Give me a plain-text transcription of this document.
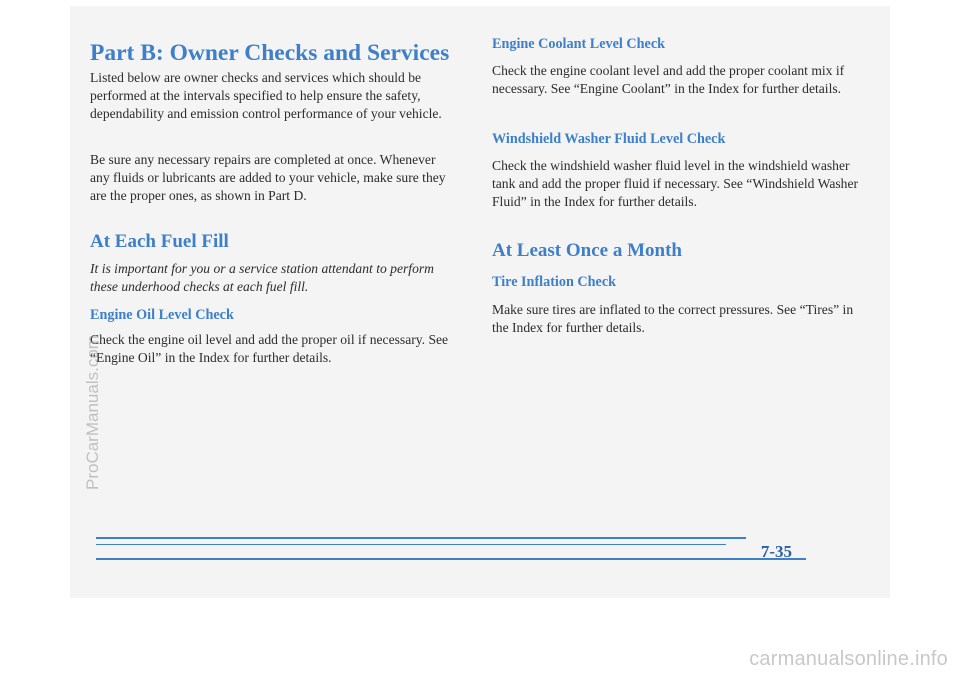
Part B: Owner Checks and Services

Listed below are owner checks and services which should be performed at the intervals specified to help ensure the safety, dependability and emission control performance of your vehicle.

Be sure any necessary repairs are completed at once. Whenever any fluids or lubricants are added to your vehicle, make sure they are the proper ones, as shown in Part D.

At Each Fuel Fill

It is important for you or a service station attendant to perform these underhood checks at each fuel fill.

Engine Oil Level Check

Check the engine oil level and add the proper oil if necessary. See “Engine Oil” in the Index for further details.

Engine Coolant Level Check

Check the engine coolant level and add the proper coolant mix if necessary. See “Engine Coolant” in the Index for further details.

Windshield Washer Fluid Level Check

Check the windshield washer fluid level in the windshield washer tank and add the proper fluid if necessary. See “Windshield Washer Fluid” in the Index for further details.

At Least Once a Month
Tire Inflation Check

Make sure tires are inflated to the correct pressures. See “Tires” in the Index for further details.

7-35
ProCarManuals.com
carmanualsonline.info
